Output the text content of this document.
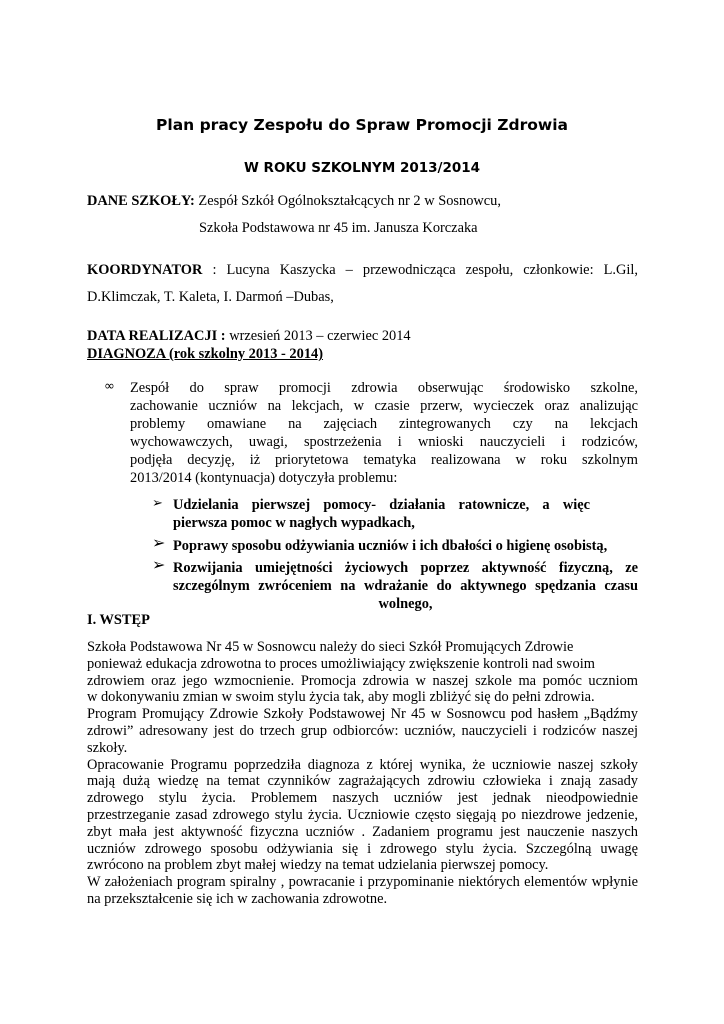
Plan pracy Zespołu do Spraw Promocji Zdrowia
W ROKU SZKOLNYM 2013/2014
DANE SZKOŁY: Zespół Szkół Ogólnokształcących nr 2 w Sosnowcu,
Szkoła Podstawowa nr 45 im. Janusza Korczaka
KOORDYNATOR : Lucyna Kaszycka – przewodnicząca zespołu, członkowie: L.Gil,
D.Klimczak, T. Kaleta, I. Darmoń –Dubas,
DATA REALIZACJI : wrzesień 2013 – czerwiec 2014
DIAGNOZA (rok szkolny 2013 - 2014)
∞ Zespół do spraw promocji zdrowia obserwując środowisko szkolne,
zachowanie uczniów na lekcjach, w czasie przerw, wycieczek oraz analizując
problemy omawiane na zajęciach zintegrowanych czy na lekcjach
wychowawczych, uwagi, spostrzeżenia i wnioski nauczycieli i rodziców,
podjęła decyzję, iż priorytetowa tematyka realizowana w roku szkolnym
2013/2014 (kontynuacja) dotyczyła problemu:
➢ Udzielania pierwszej pomocy- działania ratownicze, a więc
pierwsza pomoc w nagłych wypadkach,
➢ Poprawy sposobu odżywiania uczniów i ich dbałości o higienę osobistą,
➢ Rozwijania umiejętności życiowych poprzez aktywność fizyczną, ze
szczególnym zwróceniem na wdrażanie do aktywnego spędzania czasu
wolnego,
I. WSTĘP
Szkoła Podstawowa Nr 45 w Sosnowcu należy do sieci Szkół Promujących Zdrowie
ponieważ edukacja zdrowotna to proces umożliwiający zwiększenie kontroli nad swoim
zdrowiem oraz jego wzmocnienie. Promocja zdrowia w naszej szkole ma pomóc uczniom
w dokonywaniu zmian w swoim stylu życia tak, aby mogli zbliżyć się do pełni zdrowia.
Program Promujący Zdrowie Szkoły Podstawowej Nr 45 w Sosnowcu pod hasłem „Bądźmy
zdrowi” adresowany jest do trzech grup odbiorców: uczniów, nauczycieli i rodziców naszej
szkoły.
Opracowanie Programu poprzedziła diagnoza z której wynika, że uczniowie naszej szkoły
mają dużą wiedzę na temat czynników zagrażających zdrowiu człowieka i znają zasady
zdrowego stylu życia. Problemem naszych uczniów jest jednak nieodpowiednie
przestrzeganie zasad zdrowego stylu życia. Uczniowie często sięgają po niezdrowe jedzenie,
zbyt mała jest aktywność fizyczna uczniów . Zadaniem programu jest nauczenie naszych
uczniów zdrowego sposobu odżywiania się i zdrowego stylu życia. Szczególną uwagę
zwrócono na problem zbyt małej wiedzy na temat udzielania pierwszej pomocy.
W założeniach program spiralny , powracanie i przypominanie niektórych elementów wpłynie
na przekształcenie się ich w zachowania zdrowotne.
